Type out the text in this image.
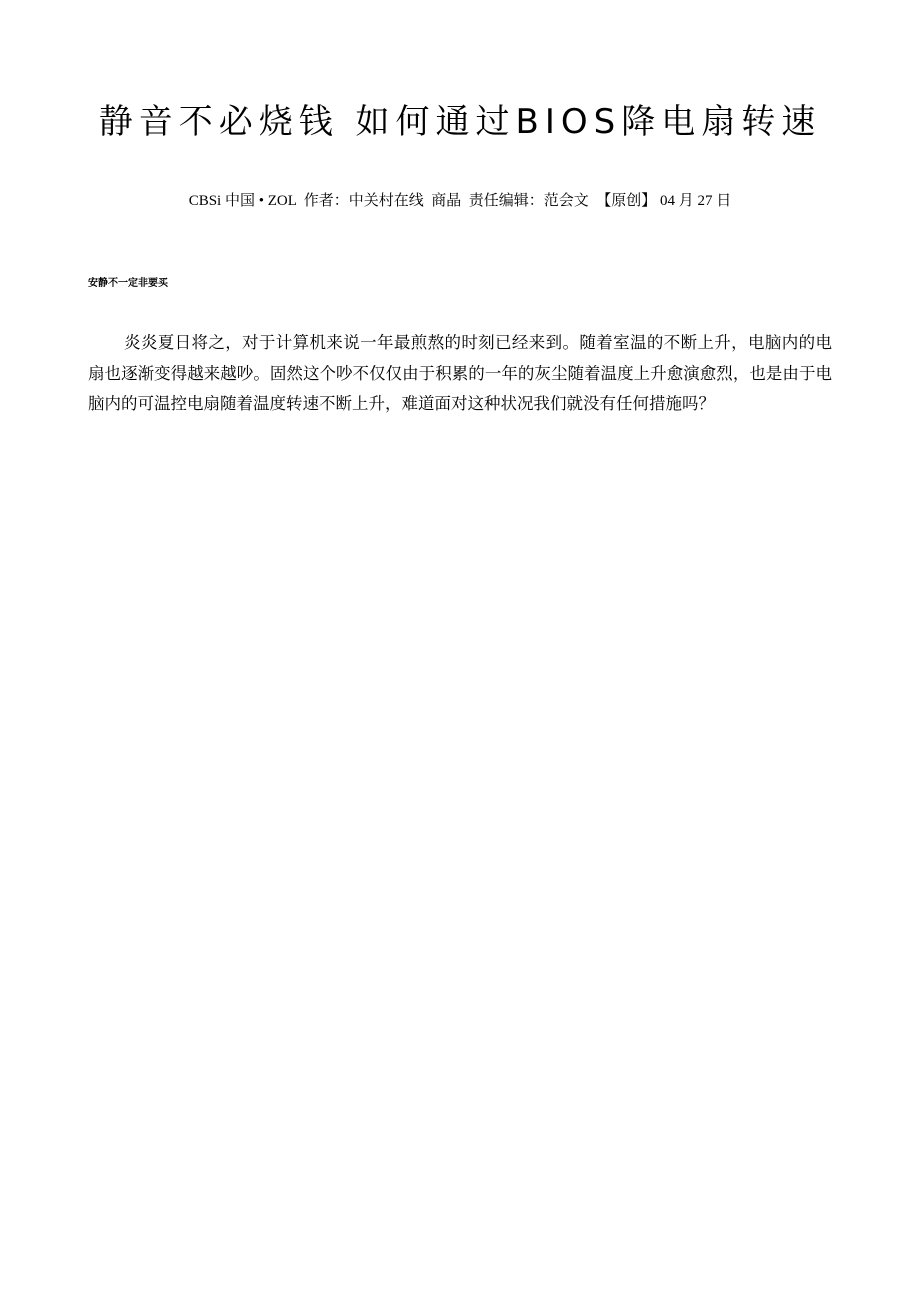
静音不必烧钱 如何通过BIOS降电扇转速
CBSi 中国 • ZOL  作者：中关村在线  商晶  责任编辑：范会文  【原创】 04 月 27 日
安静不一定非要买

炎炎夏日将之，对于计算机来说一年最煎熬的时刻已经来到。随着室温的不断上升，电脑内的电扇也逐渐变得越来越吵。固然这个吵不仅仅由于积累的一年的灰尘随着温度上升愈演愈烈，也是由于电脑内的可温控电扇随着温度转速不断上升，难道面对这种状况我们就没有任何措施吗？
